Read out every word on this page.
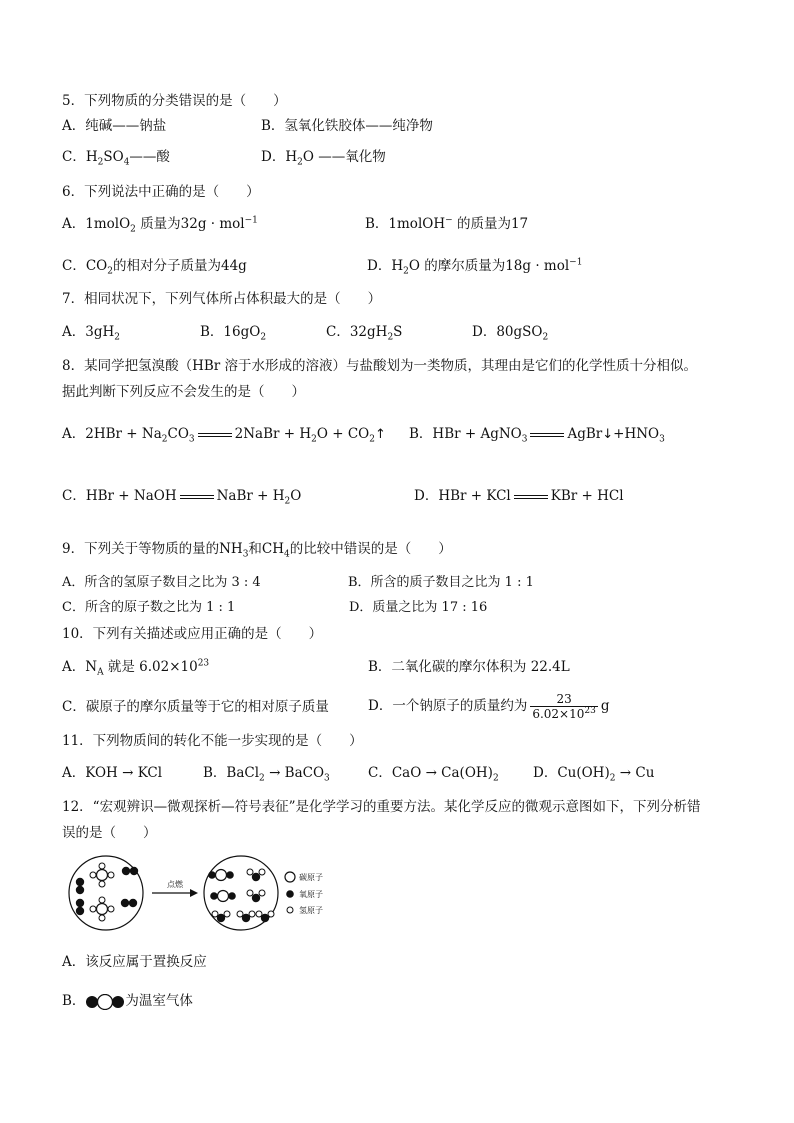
5．下列物质的分类错误的是（　　）
A．纯碱——钠盐	B．氢氧化铁胶体——纯净物
C．$H_2SO_4——$酸	D．$H_2O$ ——氧化物
6．下列说法中正确的是（　　）
A．1molO$_2$ 质量为32g · mol$^{-1}$	B．1molOH− 的质量为17
C．$CO_2$的相对分子质量为44g	D．$H_2O$ 的摩尔质量为18g · mol$^{-1}$
7．相同状况下，下列气体所占体积最大的是（　　）
A．$3gH_2$	B．$16gO_2$	C．$32gH_2S$	D．80gSO$_2$
8．某同学把氢溴酸（HBr 溶于水形成的溶液）与盐酸划为一类物质，其理由是它们的化学性质十分相似。
据此判断下列反应不会发生的是（　　）
A．$2HBr + Na_2CO_3$	2NaBr + $H_2O$ + $CO_2↑$ B．HBr + AgNO$_3$	$AgBr↓+HNO_3$
C．HBr + NaOH	NaBr + $H_2O$	D．HBr + KCl	KBr + HCl
9．下列关于等物质的量的$NH_3$和$CH_4$的比较中错误的是（　　）
A．所含的氢原子数目之比为 3 : 4	B．所含的质子数目之比为 1 : 1
C．所含的原子数之比为 1 : 1	D．质量之比为 17 : 16
10．下列有关描述或应用正确的是（　　）
A．$N_A$ 就是 $6.02\times 10^{23}$	B．二氧化碳的摩尔体积为 22.4L
C．碳原子的摩尔质量等于它的相对原子质量	D．一个钠原子的质量约为 $\frac{23}{6.02\times 10^{23}}$ g
11．下列物质间的转化不能一步实现的是（　　）
A．KOH → KCl	B．BaCl$_2$ → BaCO$_3$	C．CaO → $Ca(OH)_2$	D．$Cu(OH)_2 \to Cu$
12．“宏观辨识—微观探析—符号表征”是化学学习的重要方法。某化学反应的微观示意图如下，下列分析错
误的是（　　）
点燃
碳原子
氧原子
氢原子
A．该反应属于置换反应
B．	为温室气体
